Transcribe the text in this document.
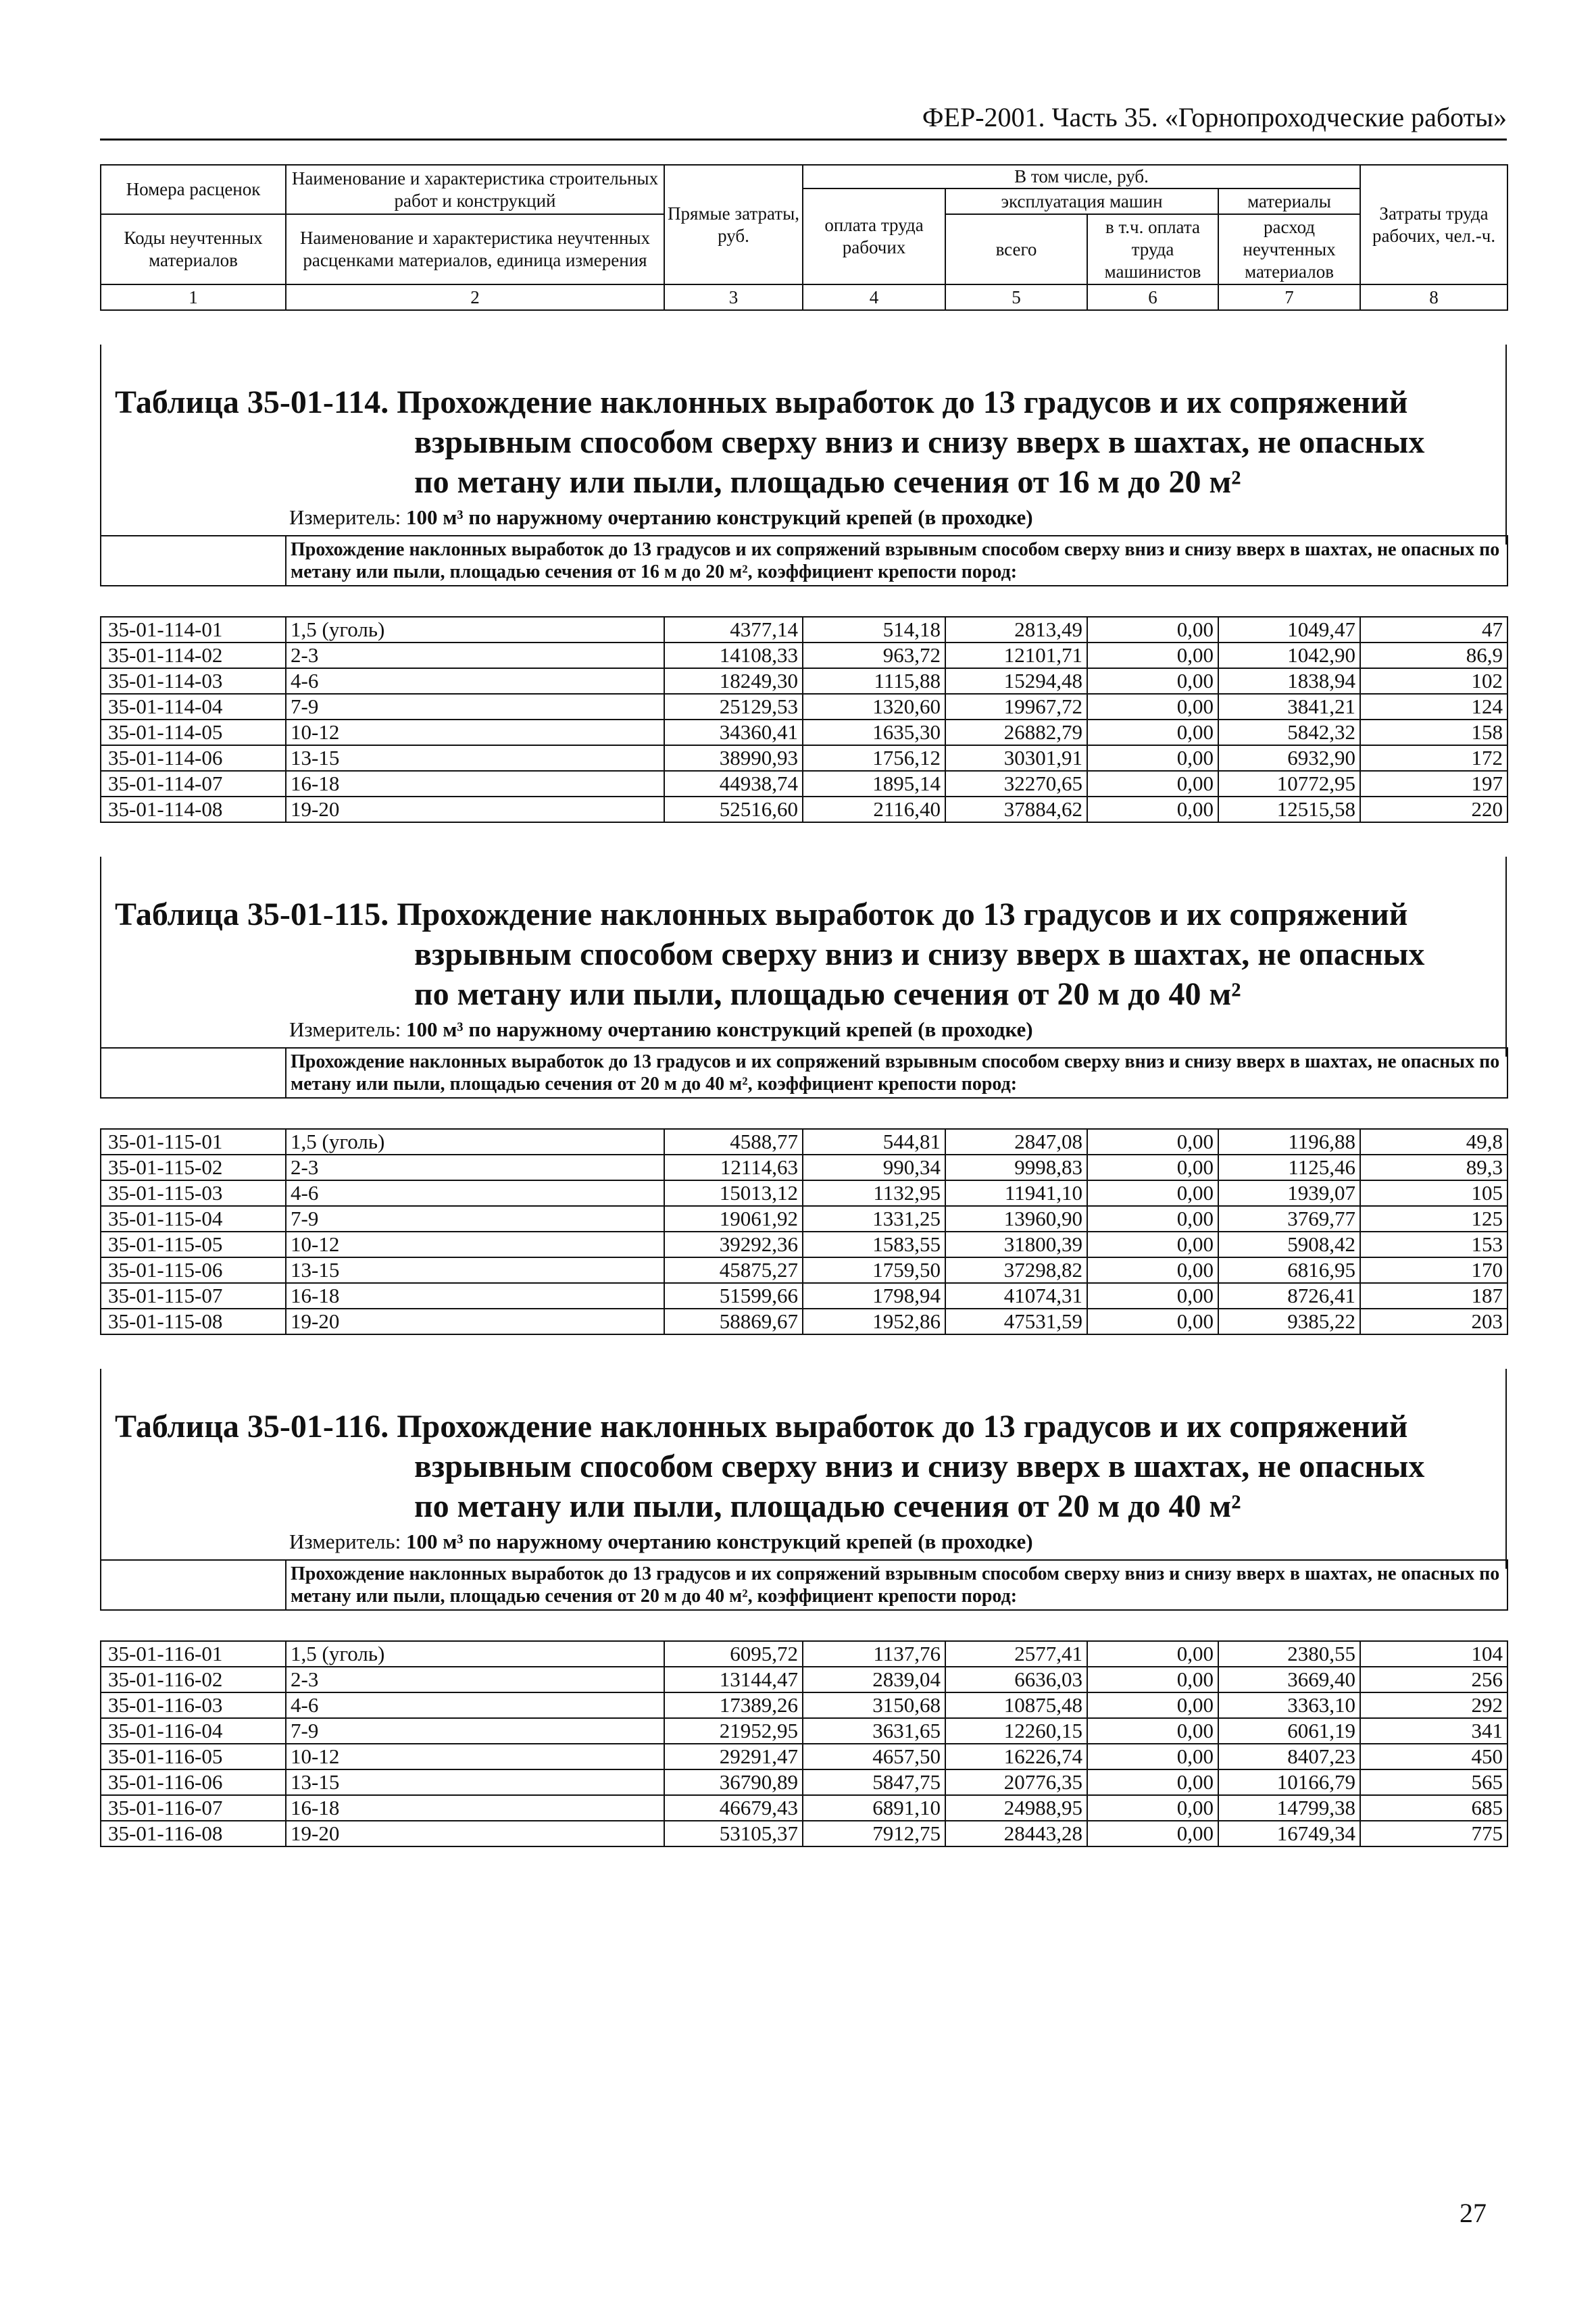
ФЕР-2001. Часть 35. «Горнопроходческие работы»
Номера расценок	Наименование и характеристика строительных работ и конструкций	Прямые затраты, руб.	В том числе, руб.				Затраты труда рабочих, чел.-ч.
			оплата труда рабочих	эксплуатация машин		материалы	
Коды неучтенных материалов	Наименование и характеристика неучтенных расценками материалов, единица измерения			всего	в т.ч. оплата труда машинистов	расход неучтенных материалов	

1	2	3	4	5	6	7	8
Таблица 35-01-114. Прохождение наклонных выработок до 13 градусов и их сопряжений
взрывным способом сверху вниз и снизу вверх в шахтах, не опасных
по метану или пыли, площадью сечения от 16 м до 20 м²
Измеритель: 100 м³ по наружному очертанию конструкций крепей (в проходке)
	Прохождение наклонных выработок до 13 градусов и их сопряжений взрывным способом сверху вниз и снизу вверх в шахтах, не опасных по метану или пыли, площадью сечения от 16 м до 20 м², коэффициент крепости пород:
35-01-114-01	1,5 (уголь)	4377,14	514,18	2813,49	0,00	1049,47	47
35-01-114-02	2-3	14108,33	963,72	12101,71	0,00	1042,90	86,9
35-01-114-03	4-6	18249,30	1115,88	15294,48	0,00	1838,94	102
35-01-114-04	7-9	25129,53	1320,60	19967,72	0,00	3841,21	124
35-01-114-05	10-12	34360,41	1635,30	26882,79	0,00	5842,32	158
35-01-114-06	13-15	38990,93	1756,12	30301,91	0,00	6932,90	172
35-01-114-07	16-18	44938,74	1895,14	32270,65	0,00	10772,95	197
35-01-114-08	19-20	52516,60	2116,40	37884,62	0,00	12515,58	220
Таблица 35-01-115. Прохождение наклонных выработок до 13 градусов и их сопряжений
взрывным способом сверху вниз и снизу вверх в шахтах, не опасных
по метану или пыли, площадью сечения от 20 м до 40 м²
Измеритель: 100 м³ по наружному очертанию конструкций крепей (в проходке)
	Прохождение наклонных выработок до 13 градусов и их сопряжений взрывным способом сверху вниз и снизу вверх в шахтах, не опасных по метану или пыли, площадью сечения от 20 м до 40 м², коэффициент крепости пород:
35-01-115-01	1,5 (уголь)	4588,77	544,81	2847,08	0,00	1196,88	49,8
35-01-115-02	2-3	12114,63	990,34	9998,83	0,00	1125,46	89,3
35-01-115-03	4-6	15013,12	1132,95	11941,10	0,00	1939,07	105
35-01-115-04	7-9	19061,92	1331,25	13960,90	0,00	3769,77	125
35-01-115-05	10-12	39292,36	1583,55	31800,39	0,00	5908,42	153
35-01-115-06	13-15	45875,27	1759,50	37298,82	0,00	6816,95	170
35-01-115-07	16-18	51599,66	1798,94	41074,31	0,00	8726,41	187
35-01-115-08	19-20	58869,67	1952,86	47531,59	0,00	9385,22	203
Таблица 35-01-116. Прохождение наклонных выработок до 13 градусов и их сопряжений
взрывным способом сверху вниз и снизу вверх в шахтах, не опасных
по метану или пыли, площадью сечения от 20 м до 40 м²
Измеритель: 100 м³ по наружному очертанию конструкций крепей (в проходке)
	Прохождение наклонных выработок до 13 градусов и их сопряжений взрывным способом сверху вниз и снизу вверх в шахтах, не опасных по метану или пыли, площадью сечения от 20 м до 40 м², коэффициент крепости пород:
35-01-116-01	1,5 (уголь)	6095,72	1137,76	2577,41	0,00	2380,55	104
35-01-116-02	2-3	13144,47	2839,04	6636,03	0,00	3669,40	256
35-01-116-03	4-6	17389,26	3150,68	10875,48	0,00	3363,10	292
35-01-116-04	7-9	21952,95	3631,65	12260,15	0,00	6061,19	341
35-01-116-05	10-12	29291,47	4657,50	16226,74	0,00	8407,23	450
35-01-116-06	13-15	36790,89	5847,75	20776,35	0,00	10166,79	565
35-01-116-07	16-18	46679,43	6891,10	24988,95	0,00	14799,38	685
35-01-116-08	19-20	53105,37	7912,75	28443,28	0,00	16749,34	775
27
